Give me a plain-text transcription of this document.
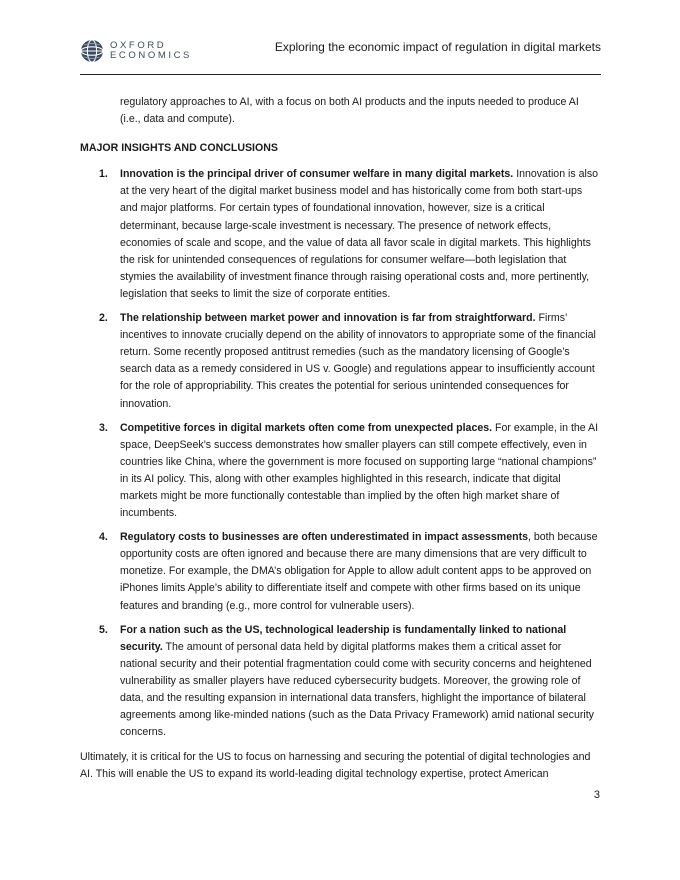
OXFORD
ECONOMICS
Exploring the economic impact of regulation in digital markets

regulatory approaches to AI, with a focus on both AI products and the inputs needed to produce AI (i.e., data and compute).

MAJOR INSIGHTS AND CONCLUSIONS
1. Innovation is the principal driver of consumer welfare in many digital markets. Innovation is also at the very heart of the digital market business model and has historically come from both start-ups and major platforms. For certain types of foundational innovation, however, size is a critical determinant, because large-scale investment is necessary. The presence of network effects, economies of scale and scope, and the value of data all favor scale in digital markets. This highlights the risk for unintended consequences of regulations for consumer welfare—both legislation that stymies the availability of investment finance through raising operational costs and, more pertinently, legislation that seeks to limit the size of corporate entities.
2. The relationship between market power and innovation is far from straightforward. Firms’ incentives to innovate crucially depend on the ability of innovators to appropriate some of the financial return. Some recently proposed antitrust remedies (such as the mandatory licensing of Google’s search data as a remedy considered in US v. Google) and regulations appear to insufficiently account for the role of appropriability. This creates the potential for serious unintended consequences for innovation.
3. Competitive forces in digital markets often come from unexpected places. For example, in the AI space, DeepSeek’s success demonstrates how smaller players can still compete effectively, even in countries like China, where the government is more focused on supporting large “national champions” in its AI policy. This, along with other examples highlighted in this research, indicate that digital markets might be more functionally contestable than implied by the often high market share of incumbents.
4. Regulatory costs to businesses are often underestimated in impact assessments, both because opportunity costs are often ignored and because there are many dimensions that are very difficult to monetize. For example, the DMA’s obligation for Apple to allow adult content apps to be approved on iPhones limits Apple’s ability to differentiate itself and compete with other firms based on its unique features and branding (e.g., more control for vulnerable users).
5. For a nation such as the US, technological leadership is fundamentally linked to national security. The amount of personal data held by digital platforms makes them a critical asset for national security and their potential fragmentation could come with security concerns and heightened vulnerability as smaller players have reduced cybersecurity budgets. Moreover, the growing role of data, and the resulting expansion in international data transfers, highlight the importance of bilateral agreements among like-minded nations (such as the Data Privacy Framework) amid national security concerns.

Ultimately, it is critical for the US to focus on harnessing and securing the potential of digital technologies and AI. This will enable the US to expand its world-leading digital technology expertise, protect American

3
